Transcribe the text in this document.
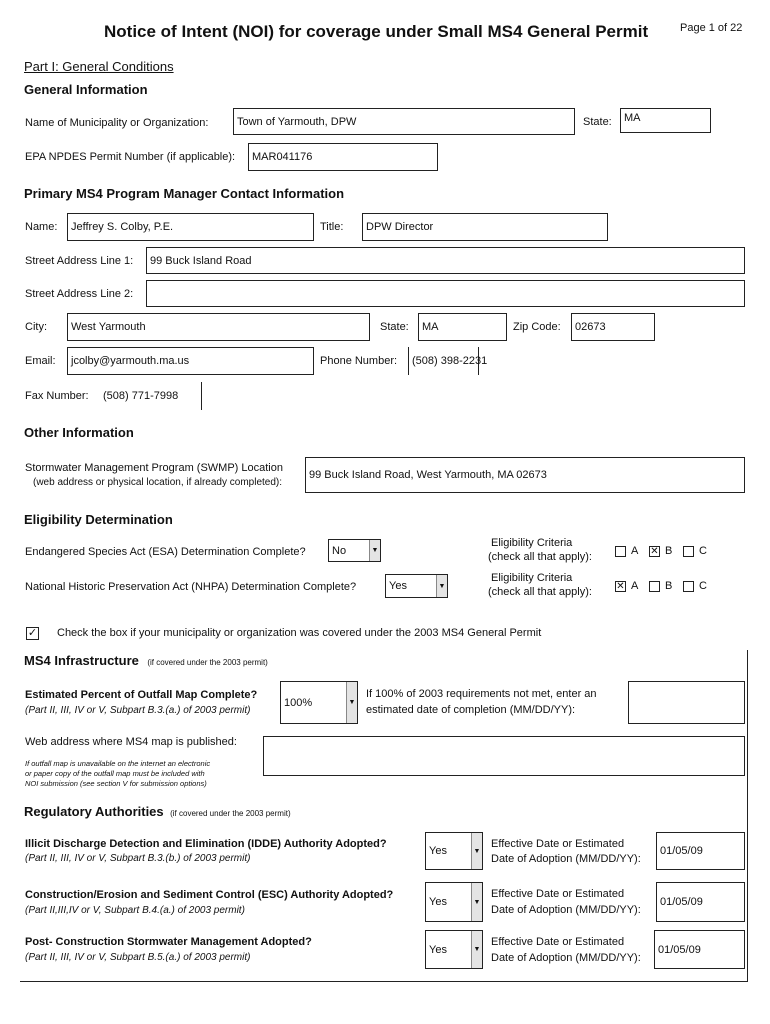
Notice of Intent (NOI) for coverage under Small MS4 General Permit	Page 1 of 22
Part I: General Conditions
General Information
Name of Municipality or Organization:	Town of Yarmouth, DPW	State:	MA
EPA NPDES Permit Number (if applicable):	MAR041176
Primary MS4 Program Manager Contact Information
Name:	Jeffrey S. Colby, P.E.	Title:	DPW Director
Street Address Line 1:	99 Buck Island Road
Street Address Line 2:
City:	West Yarmouth	State:	MA	Zip Code:	02673
Email:	jcolby@yarmouth.ma.us	Phone Number:	(508) 398-2231
Fax Number: (508) 771-7998
Other Information
Stormwater Management Program (SWMP) Location
(web address or physical location, if already completed):
99 Buck Island Road, West Yarmouth, MA 02673
Eligibility Determination
Endangered Species Act (ESA) Determination Complete? No	▼
Eligibility Criteria
(check all that apply):	A ✕ B C
National Historic Preservation Act (NHPA) Determination Complete?	Yes	▼
Eligibility Criteria
(check all that apply): ✕ A B C
✓ Check the box if your municipality or organization was covered under the 2003 MS4 General Permit
MS4 Infrastructure (if covered under the 2003 permit)
Estimated Percent of Outfall Map Complete?
(Part II, III, IV or V, Subpart B.3.(a.) of 2003 permit)
100%	▼
If 100% of 2003 requirements not met, enter an
estimated date of completion (MM/DD/YY):
Web address where MS4 map is published:
If outfall map is unavailable on the internet an electronic
or paper copy of the outfall map must be included with
NOI submission (see section V for submission options)
Regulatory Authorities (if covered under the 2003 permit)
Illicit Discharge Detection and Elimination (IDDE) Authority Adopted?
(Part II, III, IV or V, Subpart B.3.(b.) of 2003 permit)
Yes	▼
Effective Date or Estimated
Date of Adoption (MM/DD/YY):
01/05/09
Construction/Erosion and Sediment Control (ESC) Authority Adopted?
(Part II,III,IV or V, Subpart B.4.(a.) of 2003 permit)
Yes	▼
Effective Date or Estimated
Date of Adoption (MM/DD/YY):
01/05/09
Post- Construction Stormwater Management Adopted?
(Part II, III, IV or V, Subpart B.5.(a.) of 2003 permit)
Yes	▼
Effective Date or Estimated
Date of Adoption (MM/DD/YY):
01/05/09
